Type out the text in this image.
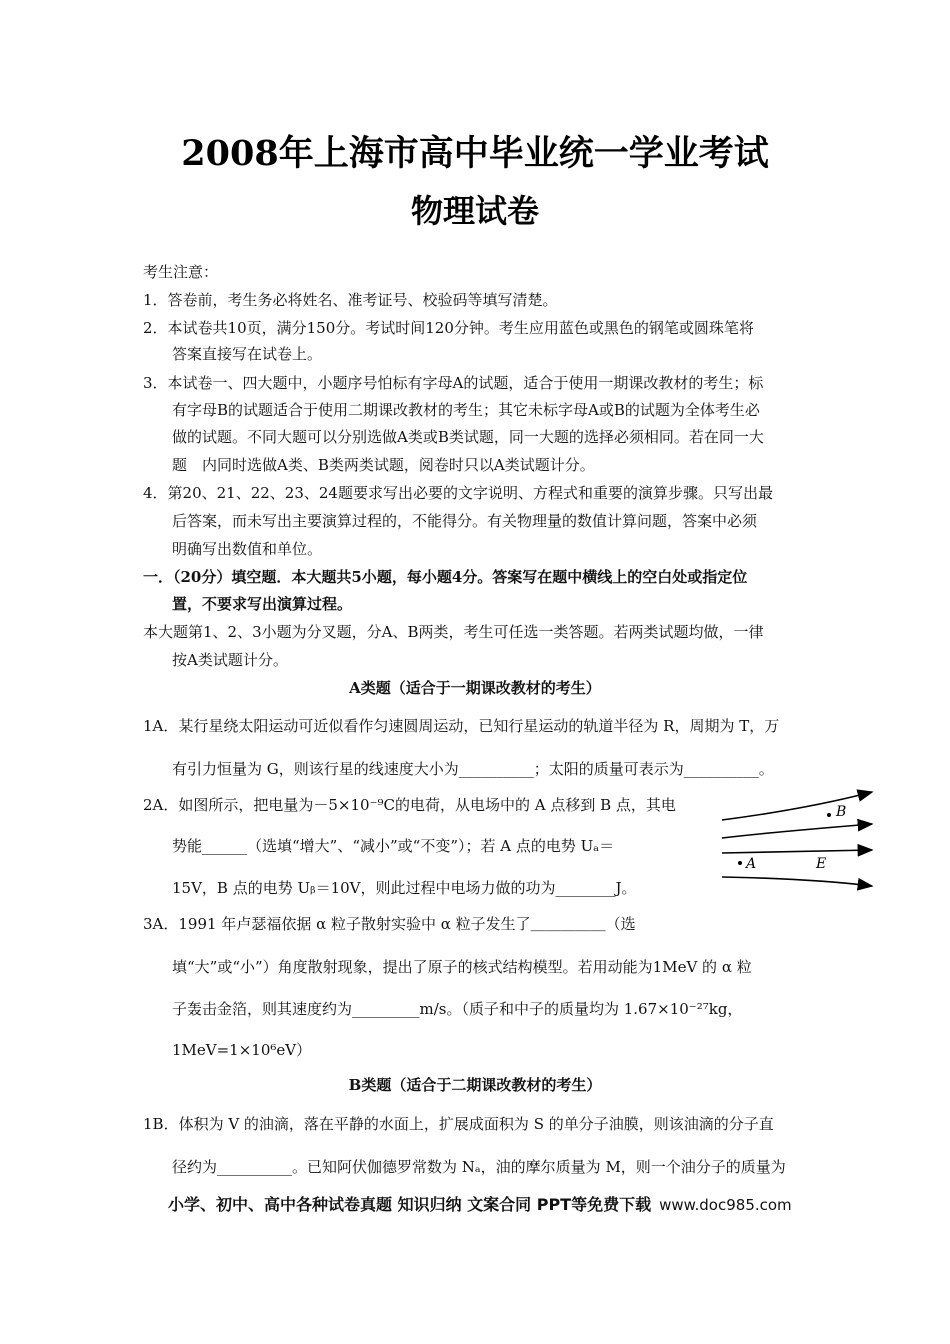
2008年上海市高中毕业统一学业考试
物理试卷
考生注意：
1．答卷前，考生务必将姓名、准考证号、校验码等填写清楚。
2．本试卷共10页，满分150分。考试时间120分钟。考生应用蓝色或黑色的钢笔或圆珠笔将
答案直接写在试卷上。
3．本试卷一、四大题中，小题序号怕标有字母A的试题，适合于使用一期课改教材的考生；标
有字母B的试题适合于使用二期课改教材的考生；其它未标字母A或B的试题为全体考生必
做的试题。不同大题可以分别选做A类或B类试题，同一大题的选择必须相同。若在同一大
题　内同时选做A类、B类两类试题，阅卷时只以A类试题计分。
4．第20、21、22、23、24题要求写出必要的文字说明、方程式和重要的演算步骤。只写出最
后答案，而未写出主要演算过程的，不能得分。有关物理量的数值计算问题，答案中必须
明确写出数值和单位。
一．（20分）填空题．本大题共5小题，每小题4分。答案写在题中横线上的空白处或指定位
置，不要求写出演算过程。
本大题第1、2、3小题为分叉题，分A、B两类，考生可任选一类答题。若两类试题均做，一律
按A类试题计分。
A类题（适合于一期课改教材的考生）
1A．某行星绕太阳运动可近似看作匀速圆周运动，已知行星运动的轨道半径为 R，周期为 T，万
有引力恒量为 G，则该行星的线速度大小为__________；太阳的质量可表示为__________。
2A．如图所示，把电量为－5×10⁻⁹C的电荷，从电场中的 A 点移到 B 点，其电
势能______（选填“增大”、“减小”或“不变”）；若 A 点的电势 Uₐ＝
15V，B 点的电势 Uᵦ＝10V，则此过程中电场力做的功为________J。
B
A	E
3A．1991 年卢瑟福依据 α 粒子散射实验中 α 粒子发生了＿＿＿＿＿（选
填“大”或“小”）角度散射现象，提出了原子的核式结构模型。若用动能为1MeV 的 α 粒
子轰击金箔，则其速度约为_________m/s。（质子和中子的质量均为 1.67×10⁻²⁷kg，
1MeV=1×10⁶eV）
B类题（适合于二期课改教材的考生）
1B．体积为 V 的油滴，落在平静的水面上，扩展成面积为 S 的单分子油膜，则该油滴的分子直
径约为__________。已知阿伏伽德罗常数为 Nₐ，油的摩尔质量为 M，则一个油分子的质量为
小学、初中、高中各种试卷真题 知识归纳 文案合同 PPT等免费下载 www.doc985.com
